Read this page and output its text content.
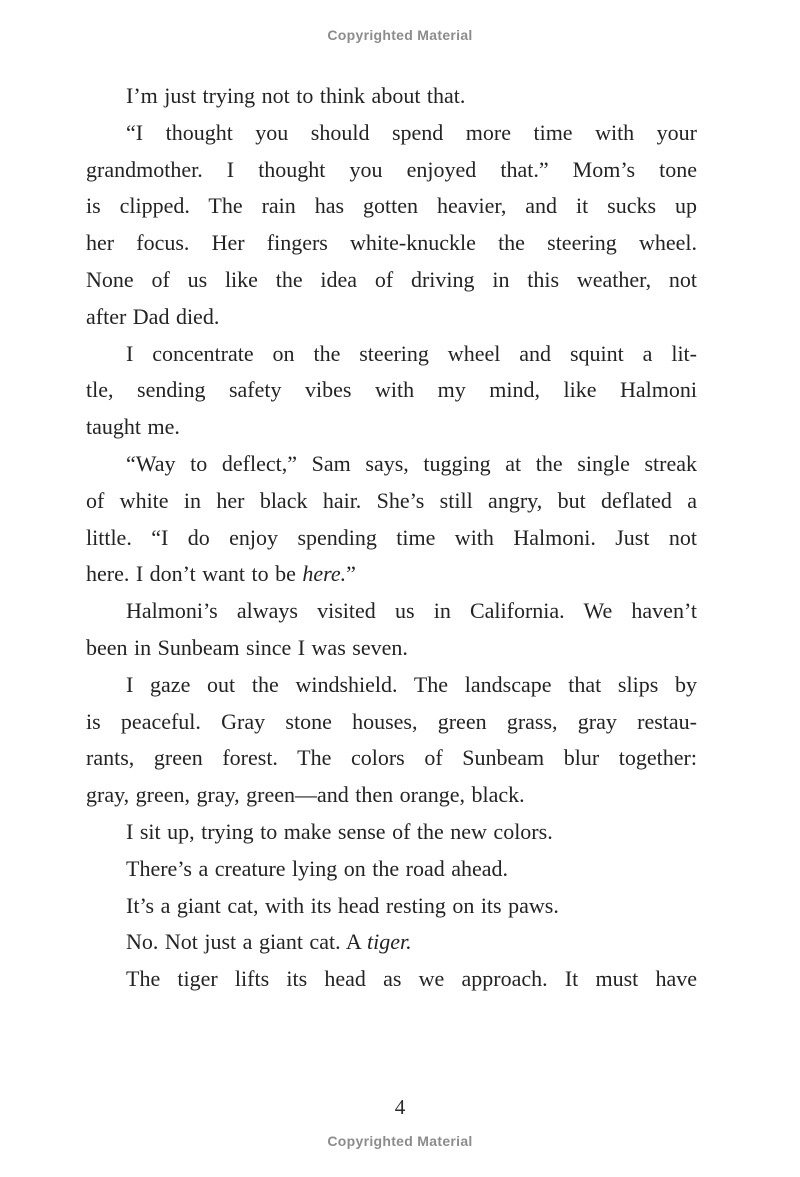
Copyrighted Material
I’m just trying not to think about that.
“I thought you should spend more time with your
grandmother. I thought you enjoyed that.” Mom’s tone
is clipped. The rain has gotten heavier, and it sucks up
her focus. Her fingers white-knuckle the steering wheel.
None of us like the idea of driving in this weather, not
after Dad died.
I concentrate on the steering wheel and squint a lit-
tle, sending safety vibes with my mind, like Halmoni
taught me.
“Way to deflect,” Sam says, tugging at the single streak
of white in her black hair. She’s still angry, but deflated a
little. “I do enjoy spending time with Halmoni. Just not
here. I don’t want to be here.”
Halmoni’s always visited us in California. We haven’t
been in Sunbeam since I was seven.
I gaze out the windshield. The landscape that slips by
is peaceful. Gray stone houses, green grass, gray restau-
rants, green forest. The colors of Sunbeam blur together:
gray, green, gray, green—and then orange, black.
I sit up, trying to make sense of the new colors.
There’s a creature lying on the road ahead.
It’s a giant cat, with its head resting on its paws.
No. Not just a giant cat. A tiger.
The tiger lifts its head as we approach. It must have
4
Copyrighted Material
